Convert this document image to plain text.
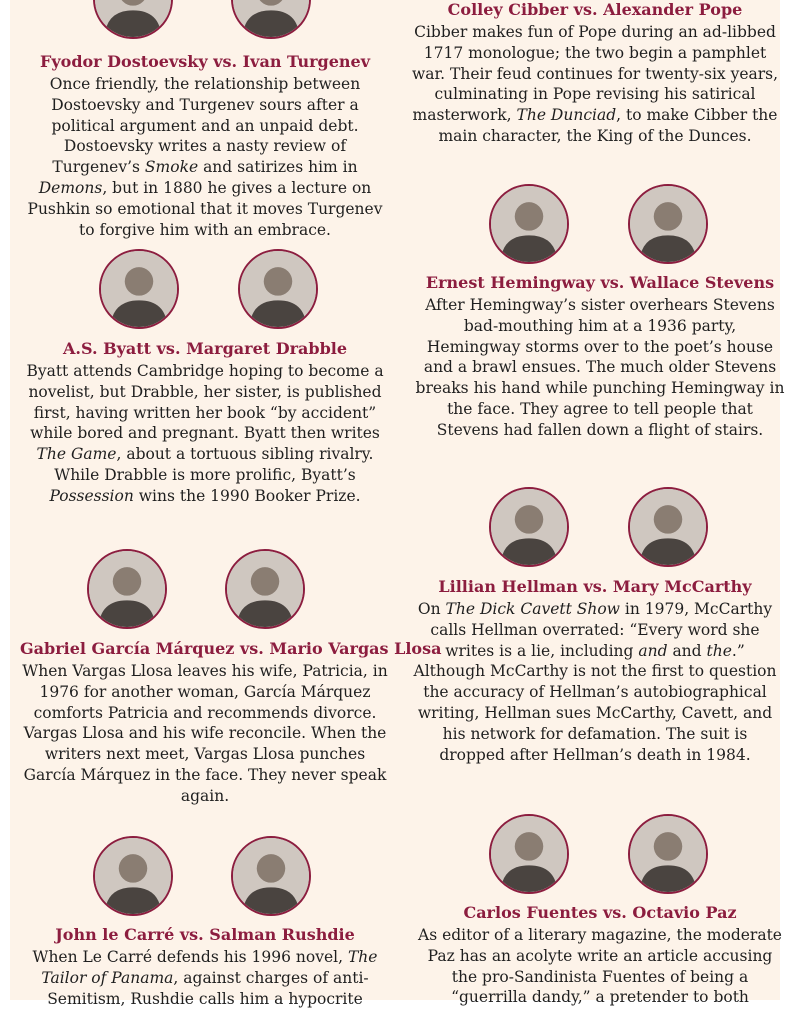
Fyodor Dostoevsky vs. Ivan Turgenev

Once friendly, the relationship between Dostoevsky and Turgenev sours after a political argument and an unpaid debt. Dostoevsky writes a nasty review of Turgenev’s Smoke and satirizes him in Demons, but in 1880 he gives a lecture on Pushkin so emotional that it moves Turgenev to forgive him with an embrace.

A.S. Byatt vs. Margaret Drabble

Byatt attends Cambridge hoping to become a novelist, but Drabble, her sister, is published first, having written her book “by accident” while bored and pregnant. Byatt then writes The Game, about a tortuous sibling rivalry. While Drabble is more prolific, Byatt’s Possession wins the 1990 Booker Prize.

Gabriel García Márquez vs. Mario Vargas Llosa

When Vargas Llosa leaves his wife, Patricia, in 1976 for another woman, García Márquez comforts Patricia and recommends divorce. Vargas Llosa and his wife reconcile. When the writers next meet, Vargas Llosa punches García Márquez in the face. They never speak again.

John le Carré vs. Salman Rushdie

When Le Carré defends his 1996 novel, The Tailor of Panama, against charges of anti-Semitism, Rushdie calls him a hypocrite

Colley Cibber vs. Alexander Pope

Cibber makes fun of Pope during an ad-libbed 1717 monologue; the two begin a pamphlet war. Their feud continues for twenty-six years, culminating in Pope revising his satirical masterwork, The Dunciad, to make Cibber the main character, the King of the Dunces.

Ernest Hemingway vs. Wallace Stevens

After Hemingway’s sister overhears Stevens bad-mouthing him at a 1936 party, Hemingway storms over to the poet’s house and a brawl ensues. The much older Stevens breaks his hand while punching Hemingway in the face. They agree to tell people that Stevens had fallen down a flight of stairs.

Lillian Hellman vs. Mary McCarthy

On The Dick Cavett Show in 1979, McCarthy calls Hellman overrated: “Every word she writes is a lie, including and and the.” Although McCarthy is not the first to question the accuracy of Hellman’s autobiographical writing, Hellman sues McCarthy, Cavett, and his network for defamation. The suit is dropped after Hellman’s death in 1984.

Carlos Fuentes vs. Octavio Paz

As editor of a literary magazine, the moderate Paz has an acolyte write an article accusing the pro-Sandinista Fuentes of being a “guerrilla dandy,” a pretender to both
